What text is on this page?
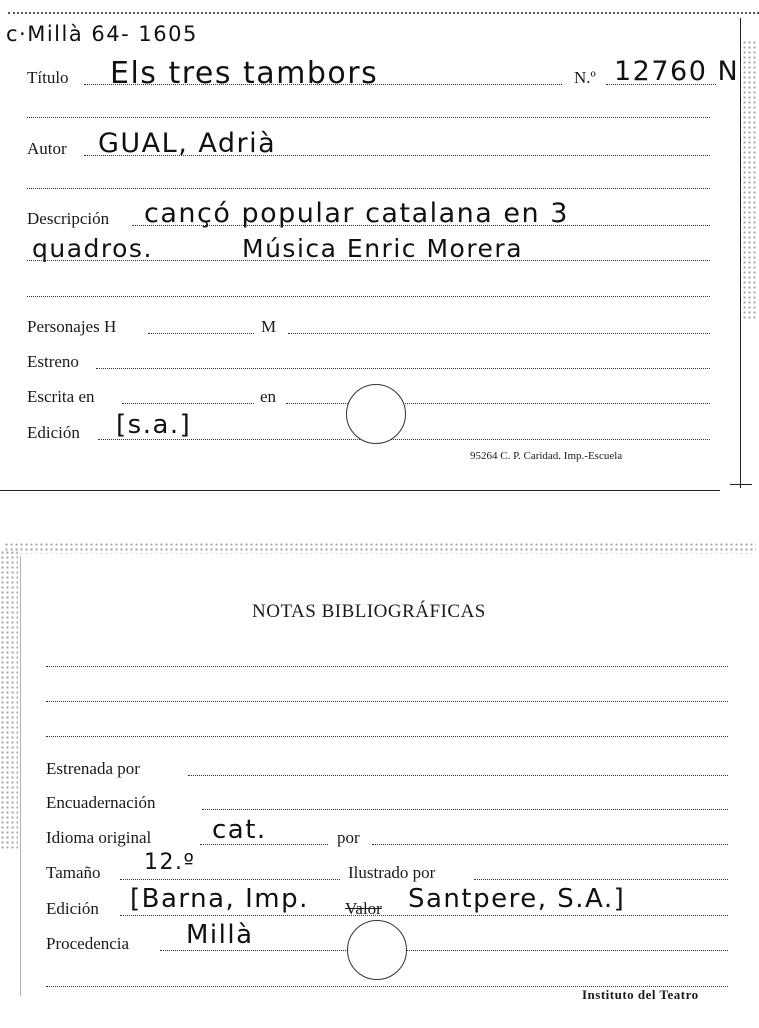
c·Millà 64- 1605
Título Els tres tambors	N.º 12760 N
Autor GUAL, Adrià
Descripción cançó popular catalana en 3
quadros.	Música Enric Morera
Personajes H	M
Estreno
Escrita en	en
Edición [s.a.]
95264 C. P. Caridad. Imp.-Escuela
NOTAS BIBLIOGRÁFICAS
Estrenada por
Encuadernación
Idioma original cat.	por
Tamaño 12.º	Ilustrado por
Edición [Barna, Imp. Valor Santpere, S.A.]
Procedencia Millà
Instituto del Teatro
